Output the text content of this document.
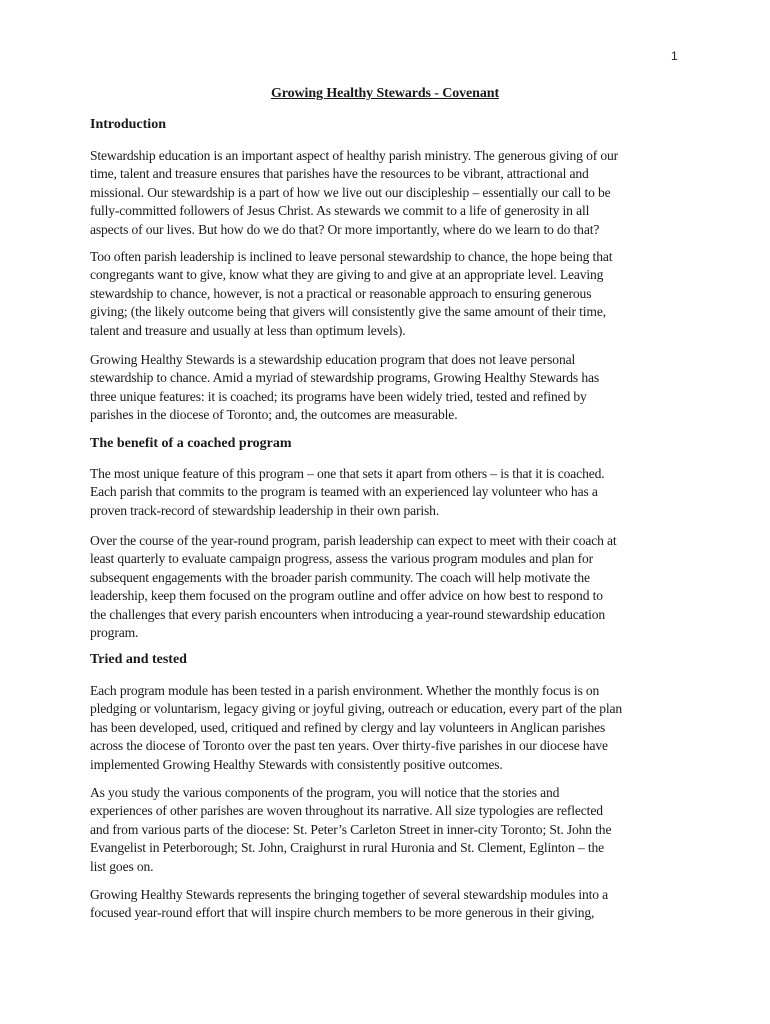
1
Growing Healthy Stewards - Covenant
Introduction
Stewardship education is an important aspect of healthy parish ministry. The generous giving of our
time, talent and treasure ensures that parishes have the resources to be vibrant, attractional and
missional. Our stewardship is a part of how we live out our discipleship – essentially our call to be
fully-committed followers of Jesus Christ. As stewards we commit to a life of generosity in all
aspects of our lives. But how do we do that? Or more importantly, where do we learn to do that?
Too often parish leadership is inclined to leave personal stewardship to chance, the hope being that
congregants want to give, know what they are giving to and give at an appropriate level. Leaving
stewardship to chance, however, is not a practical or reasonable approach to ensuring generous
giving; (the likely outcome being that givers will consistently give the same amount of their time,
talent and treasure and usually at less than optimum levels).
Growing Healthy Stewards is a stewardship education program that does not leave personal
stewardship to chance. Amid a myriad of stewardship programs, Growing Healthy Stewards has
three unique features: it is coached; its programs have been widely tried, tested and refined by
parishes in the diocese of Toronto; and, the outcomes are measurable.
The benefit of a coached program
The most unique feature of this program – one that sets it apart from others – is that it is coached.
Each parish that commits to the program is teamed with an experienced lay volunteer who has a
proven track-record of stewardship leadership in their own parish.
Over the course of the year-round program, parish leadership can expect to meet with their coach at
least quarterly to evaluate campaign progress, assess the various program modules and plan for
subsequent engagements with the broader parish community. The coach will help motivate the
leadership, keep them focused on the program outline and offer advice on how best to respond to
the challenges that every parish encounters when introducing a year-round stewardship education
program.
Tried and tested
Each program module has been tested in a parish environment. Whether the monthly focus is on
pledging or voluntarism, legacy giving or joyful giving, outreach or education, every part of the plan
has been developed, used, critiqued and refined by clergy and lay volunteers in Anglican parishes
across the diocese of Toronto over the past ten years. Over thirty-five parishes in our diocese have
implemented Growing Healthy Stewards with consistently positive outcomes.
As you study the various components of the program, you will notice that the stories and
experiences of other parishes are woven throughout its narrative. All size typologies are reflected
and from various parts of the diocese: St. Peter’s Carleton Street in inner-city Toronto; St. John the
Evangelist in Peterborough; St. John, Craighurst in rural Huronia and St. Clement, Eglinton – the
list goes on.
Growing Healthy Stewards represents the bringing together of several stewardship modules into a
focused year-round effort that will inspire church members to be more generous in their giving,
